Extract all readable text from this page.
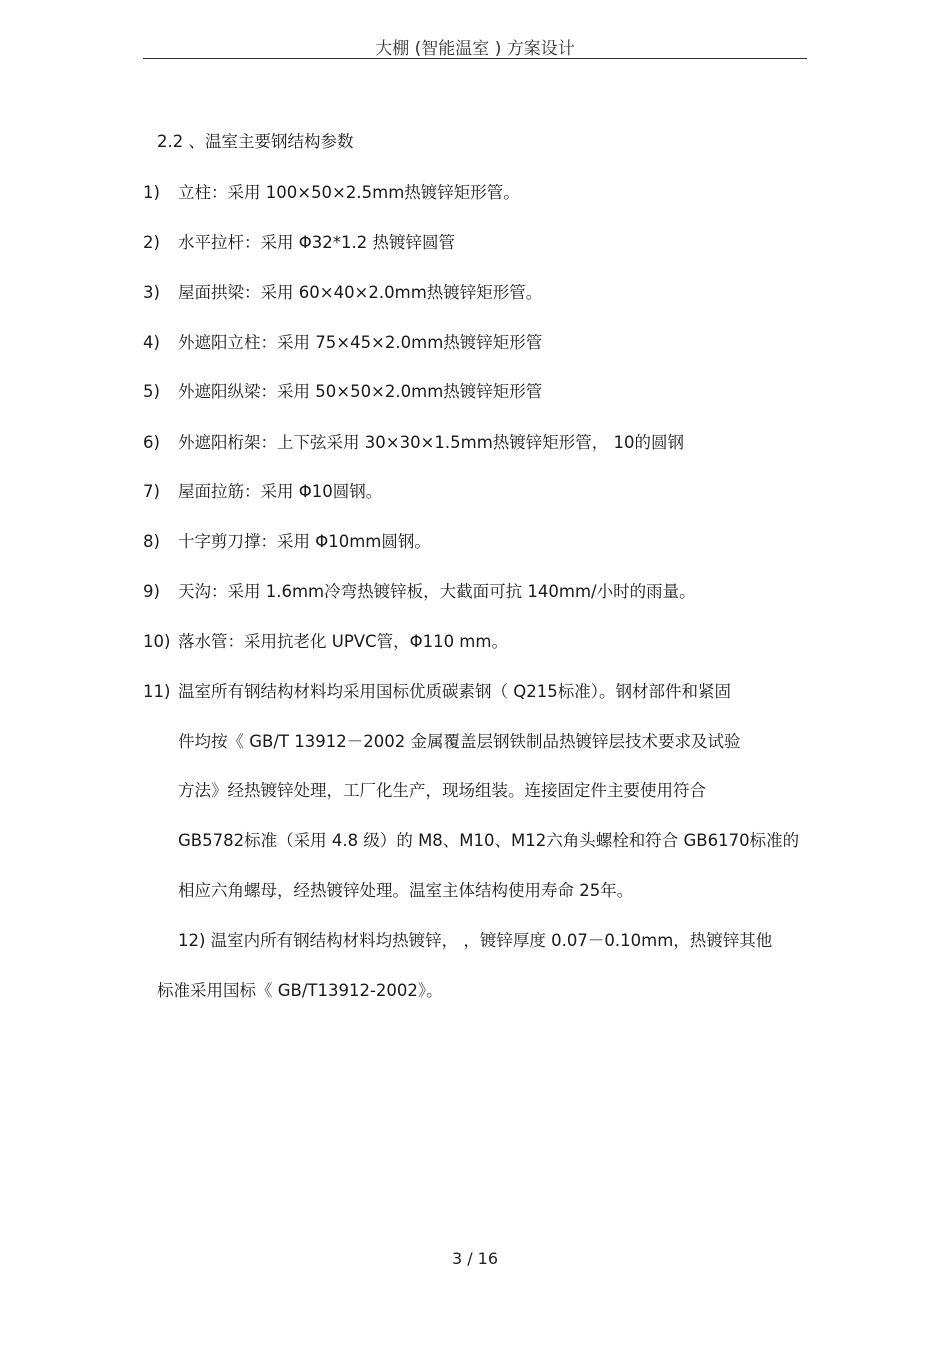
大棚 (智能温室 ) 方案设计
2.2 、温室主要钢结构参数
1) 立柱：采用 100×50×2.5mm热镀锌矩形管。
2) 水平拉杆：采用 Φ32*1.2 热镀锌圆管
3) 屋面拱梁：采用 60×40×2.0mm热镀锌矩形管。
4) 外遮阳立柱：采用 75×45×2.0mm热镀锌矩形管
5) 外遮阳纵梁：采用 50×50×2.0mm热镀锌矩形管
6) 外遮阳桁架：上下弦采用 30×30×1.5mm热镀锌矩形管， 10的圆钢
7) 屋面拉筋：采用 Φ10圆钢。
8) 十字剪刀撑：采用 Φ10mm圆钢。
9) 天沟：采用 1.6mm冷弯热镀锌板，大截面可抗 140mm/小时的雨量。
10) 落水管：采用抗老化 UPVC管，Φ110 mm。
11) 温室所有钢结构材料均采用国标优质碳素钢（ Q215标准）。钢材部件和紧固
件均按《 GB/T 13912－2002 金属覆盖层钢铁制品热镀锌层技术要求及试验
方法》经热镀锌处理，工厂化生产，现场组装。连接固定件主要使用符合
GB5782标准（采用 4.8 级）的 M8、M10、M12六角头螺栓和符合 GB6170标准的
相应六角螺母，经热镀锌处理。温室主体结构使用寿命 25年。
12) 温室内所有钢结构材料均热镀锌， ，镀锌厚度 0.07－0.10mm，热镀锌其他
标准采用国标《 GB/T13912-2002》。
3 / 16
